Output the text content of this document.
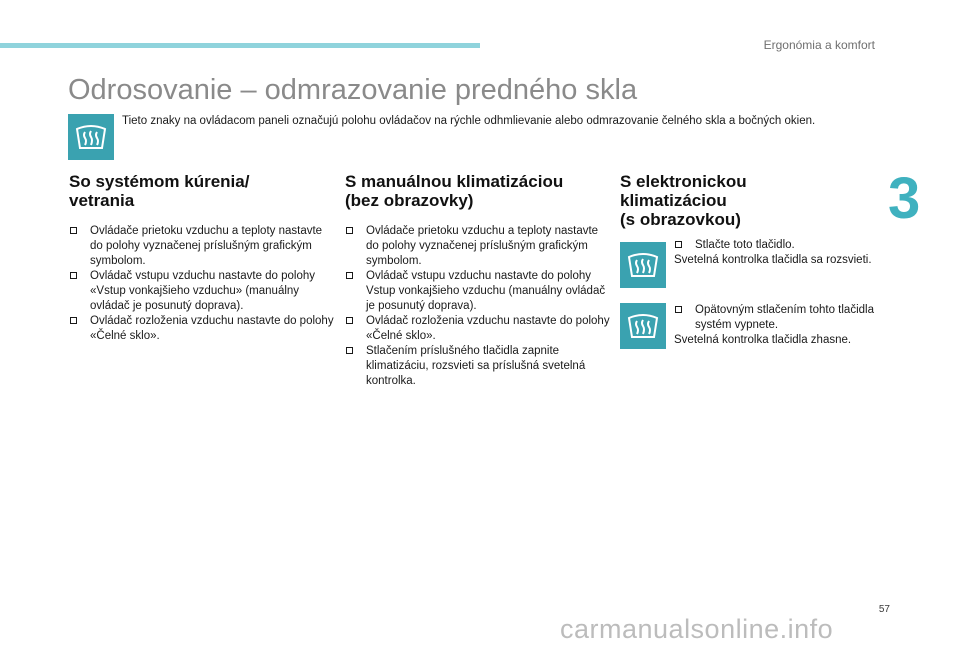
Ergonómia a komfort
3
Odrosovanie – odmrazovanie predného skla
Tieto znaky na ovládacom paneli označujú polohu ovládačov na rýchle odhmlievanie alebo odmrazovanie čelného skla a bočných okien.
So systémom kúrenia/
vetrania
Ovládače prietoku vzduchu a teploty nastavte do polohy vyznačenej príslušným grafickým symbolom.
Ovládač vstupu vzduchu nastavte do polohy «Vstup vonkajšieho vzduchu» (manuálny ovládač je posunutý doprava).
Ovládač rozloženia vzduchu nastavte do polohy «Čelné sklo».
S manuálnou klimatizáciou
(bez obrazovky)
Ovládače prietoku vzduchu a teploty nastavte do polohy vyznačenej príslušným grafickým symbolom.
Ovládač vstupu vzduchu nastavte do polohy Vstup vonkajšieho vzduchu (manuálny ovládač je posunutý doprava).
Ovládač rozloženia vzduchu nastavte do polohy «Čelné sklo».
Stlačením príslušného tlačidla zapnite klimatizáciu, rozsvieti sa príslušná svetelná kontrolka.
S elektronickou
klimatizáciou
(s obrazovkou)
Stlačte toto tlačidlo.
Svetelná kontrolka tlačidla sa rozsvieti.
Opätovným stlačením tohto tlačidla systém vypnete.
Svetelná kontrolka tlačidla zhasne.
57
carmanualsonline.info
